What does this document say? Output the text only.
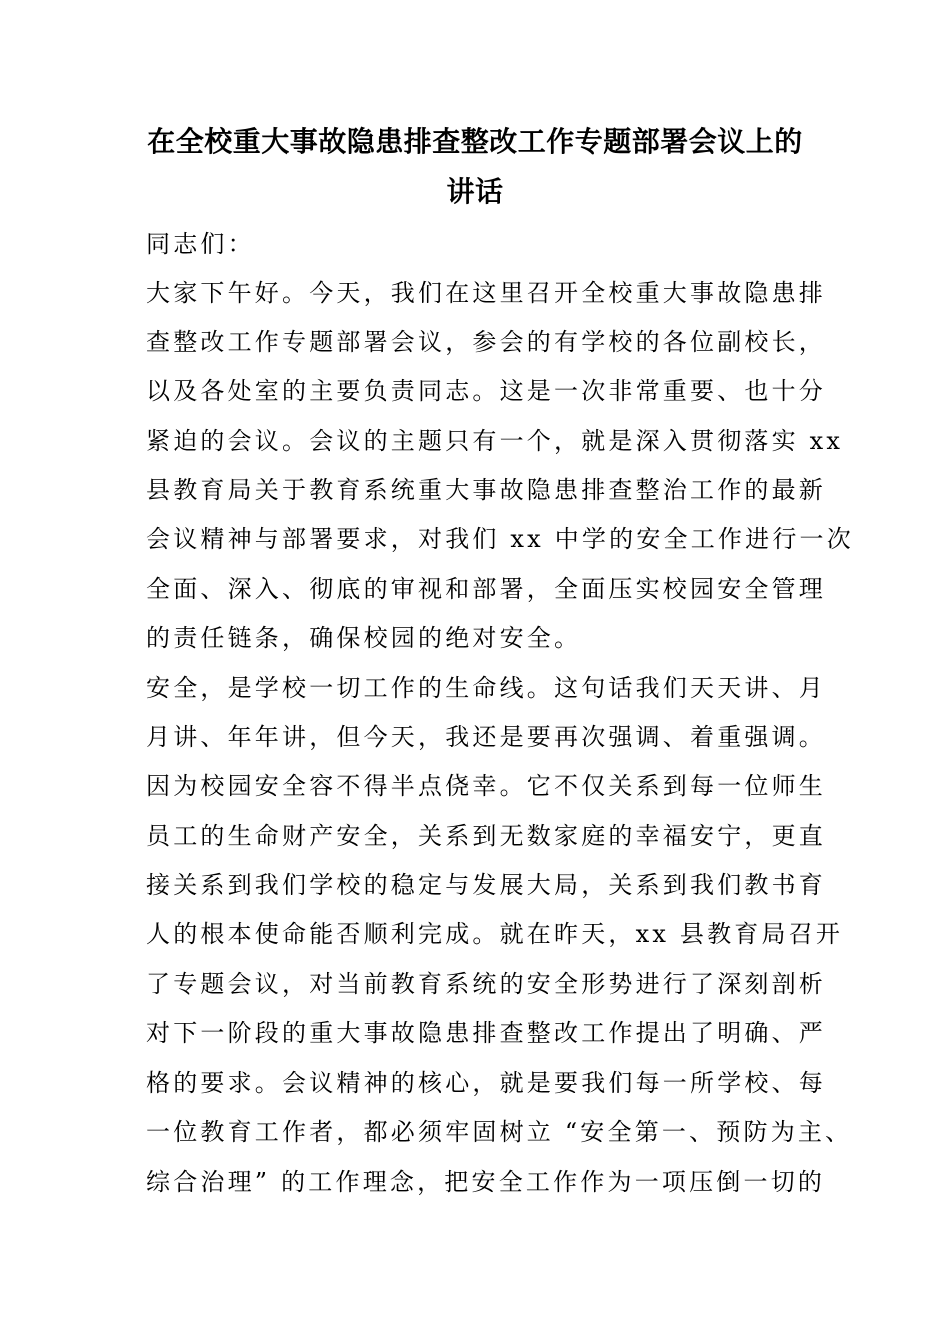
在全校重大事故隐患排查整改工作专题部署会议上的
讲话
同志们：
大家下午好。今天，我们在这里召开全校重大事故隐患排
查整改工作专题部署会议，参会的有学校的各位副校长，
以及各处室的主要负责同志。这是一次非常重要、也十分
紧迫的会议。会议的主题只有一个，就是深入贯彻落实 xx
县教育局关于教育系统重大事故隐患排查整治工作的最新
会议精神与部署要求，对我们 xx 中学的安全工作进行一次
全面、深入、彻底的审视和部署，全面压实校园安全管理
的责任链条，确保校园的绝对安全。
安全，是学校一切工作的生命线。这句话我们天天讲、月
月讲、年年讲，但今天，我还是要再次强调、着重强调。
因为校园安全容不得半点侥幸。它不仅关系到每一位师生
员工的生命财产安全，关系到无数家庭的幸福安宁，更直
接关系到我们学校的稳定与发展大局，关系到我们教书育
人的根本使命能否顺利完成。就在昨天，xx 县教育局召开
了专题会议，对当前教育系统的安全形势进行了深刻剖析
对下一阶段的重大事故隐患排查整改工作提出了明确、严
格的要求。会议精神的核心，就是要我们每一所学校、每
一位教育工作者，都必须牢固树立 “安全第一、预防为主、
综合治理” 的工作理念，把安全工作作为一项压倒一切的
